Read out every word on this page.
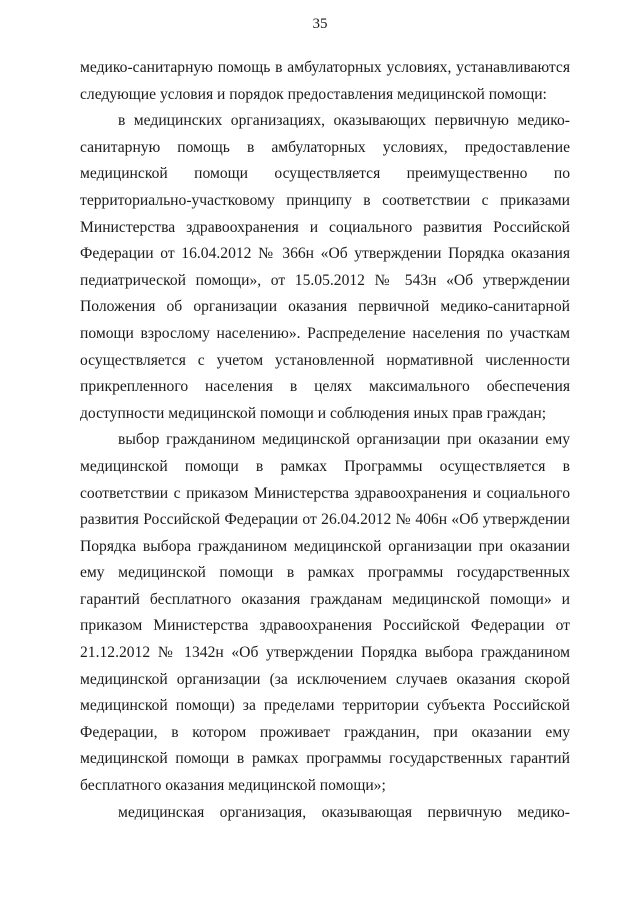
35

медико-санитарную помощь в амбулаторных условиях, устанавливаются следующие условия и порядок предоставления медицинской помощи:

в медицинских организациях, оказывающих первичную медико-санитарную помощь в амбулаторных условиях, предоставление медицинской помощи осуществляется преимущественно по территориально-участковому принципу в соответствии с приказами Министерства здравоохранения и социального развития Российской Федерации от 16.04.2012 № 366н «Об утверждении Порядка оказания педиатрической помощи», от 15.05.2012 № 543н «Об утверждении Положения об организации оказания первичной медико-санитарной помощи взрослому населению». Распределение населения по участкам осуществляется с учетом установленной нормативной численности прикрепленного населения в целях максимального обеспечения доступности медицинской помощи и соблюдения иных прав граждан;

выбор гражданином медицинской организации при оказании ему медицинской помощи в рамках Программы осуществляется в соответствии с приказом Министерства здравоохранения и социального развития Российской Федерации от 26.04.2012 № 406н «Об утверждении Порядка выбора гражданином медицинской организации при оказании ему медицинской помощи в рамках программы государственных гарантий бесплатного оказания гражданам медицинской помощи» и приказом Министерства здравоохранения Российской Федерации от 21.12.2012 № 1342н «Об утверждении Порядка выбора гражданином медицинской организации (за исключением случаев оказания скорой медицинской помощи) за пределами территории субъекта Российской Федерации, в котором проживает гражданин, при оказании ему медицинской помощи в рамках программы государственных гарантий бесплатного оказания медицинской помощи»;

медицинская организация, оказывающая первичную медико-
